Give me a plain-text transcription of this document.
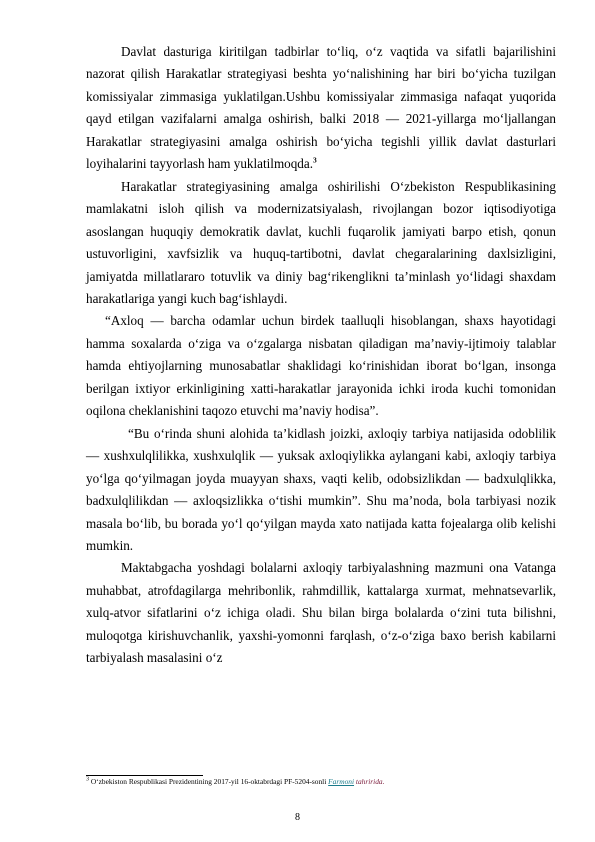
Davlat dasturiga kiritilgan tadbirlar to‘liq, o‘z vaqtida va sifatli bajarilishini nazorat qilish Harakatlar strategiyasi beshta yo‘nalishining har biri bo‘yicha tuzilgan komissiyalar zimmasiga yuklatilgan.Ushbu komissiyalar zimmasiga nafaqat yuqorida qayd etilgan vazifalarni amalga oshirish, balki 2018 — 2021-yillarga mo‘ljallangan Harakatlar strategiyasini amalga oshirish bo‘yicha tegishli yillik davlat dasturlari loyihalarini tayyorlash ham yuklatilmoqda.$^3$

Harakatlar strategiyasining amalga oshirilishi O‘zbekiston Respublikasining mamlakatni isloh qilish va modernizatsiyalash, rivojlangan bozor iqtisodiyotiga asoslangan huquqiy demokratik davlat, kuchli fuqarolik jamiyati barpo etish, qonun ustuvorligini, xavfsizlik va huquq-tartibotni, davlat chegaralarining daxlsizligini, jamiyatda millatlararo totuvlik va diniy bag‘rikenglikni ta’minlash yo‘lidagi shaxdam harakatlariga yangi kuch bag‘ishlaydi.

“Axloq — barcha odamlar uchun birdek taalluqli hisoblangan, shaxs hayotidagi hamma soxalarda o‘ziga va o‘zgalarga nisbatan qiladigan ma’naviy-ijtimoiy talablar hamda ehtiyojlarning munosabatlar shaklidagi ko‘rinishidan iborat bo‘lgan, insonga berilgan ixtiyor erkinligining xatti-harakatlar jarayonida ichki iroda kuchi tomonidan oqilona cheklanishini taqozo etuvchi ma’naviy hodisa”.

“Bu o‘rinda shuni alohida ta’kidlash joizki, axloqiy tarbiya natijasida odoblilik — xushxulqlilikka, xushxulqlik — yuksak axloqiylikka aylangani kabi, axloqiy tarbiya yo‘lga qo‘yilmagan joyda muayyan shaxs, vaqti kelib, odobsizlikdan — badxulqlikka, badxulqlilikdan — axloqsizlikka o‘tishi mumkin”. Shu ma’noda, bola tarbiyasi nozik masala bo‘lib, bu borada yo‘l qo‘yilgan mayda xato natijada katta fojealarga olib kelishi mumkin.

Maktabgacha yoshdagi bolalarni axloqiy tarbiyalashning mazmuni ona Vatanga muhabbat, atrofdagilarga mehribonlik, rahmdillik, kattalarga xurmat, mehnatsevarlik, xulq-atvor sifatlarini o‘z ichiga oladi. Shu bilan birga bolalarda o‘zini tuta bilishni, muloqotga kirishuvchanlik, yaxshi-yomonni farqlash, o‘z-o‘ziga baxo berish kabilarni tarbiyalash masalasini o‘z

$^3$ O‘zbekiston Respublikasi Prezidentining 2017-yil 16-oktabrdagi PF-5204-sonli Farmoni tahririda.
8
